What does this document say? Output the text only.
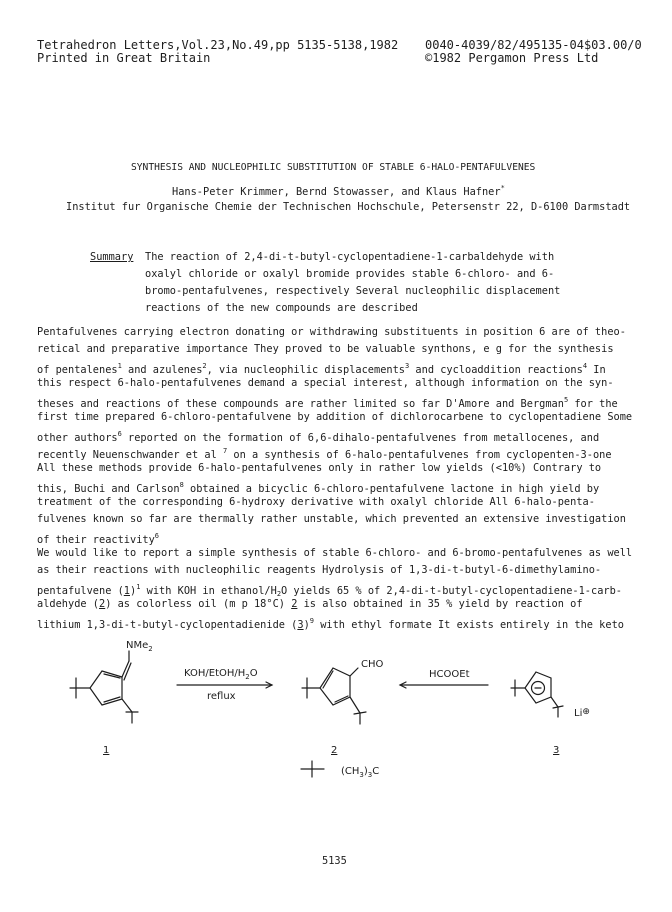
Tetrahedron Letters,Vol.23,No.49,pp 5135-5138,1982 0040-4039/82/495135-04$03.00/0
Printed in Great Britain	©1982 Pergamon Press Ltd
SYNTHESIS AND NUCLEOPHILIC SUBSTITUTION OF STABLE 6-HALO-PENTAFULVENES
Hans-Peter Krimmer, Bernd Stowasser, and Klaus Hafner*
Institut fur Organische Chemie der Technischen Hochschule, Petersenstr 22, D-6100 Darmstadt
Summary The reaction of 2,4-di-t-butyl-cyclopentadiene-1-carbaldehyde with
oxalyl chloride or oxalyl bromide provides stable 6-chloro- and 6-
bromo-pentafulvenes, respectively Several nucleophilic displacement
reactions of the new compounds are described
Pentafulvenes carrying electron donating or withdrawing substituents in position 6 are of theo-
retical and preparative importance They proved to be valuable synthons, e g for the synthesis
of pentalenes$^1$ and azulenes$^2$, via nucleophilic displacements$^3$ and cycloaddition reactions$^4$ In
this respect 6-halo-pentafulvenes demand a special interest, although information on the syn-
theses and reactions of these compounds are rather limited so far D'Amore and Bergman$^5$ for the
first time prepared 6-chloro-pentafulvene by addition of dichlorocarbene to cyclopentadiene Some
other authors$^6$ reported on the formation of 6,6-dihalo-pentafulvenes from metallocenes, and
recently Neuenschwander et al $^7$ on a synthesis of 6-halo-pentafulvenes from cyclopenten-3-one
All these methods provide 6-halo-pentafulvenes only in rather low yields (<10%) Contrary to
this, Buchi and Carlson$^8$ obtained a bicyclic 6-chloro-pentafulvene lactone in high yield by
treatment of the corresponding 6-hydroxy derivative with oxalyl chloride All 6-halo-penta-
fulvenes known so far are thermally rather unstable, which prevented an extensive investigation
of their reactivity$^6$
We would like to report a simple synthesis of stable 6-chloro- and 6-bromo-pentafulvenes as well
as their reactions with nucleophilic reagents Hydrolysis of 1,3-di-t-butyl-6-dimethylamino-
pentafulvene $(1)^1$ with KOH in ethanol/$H_2O$ yields 65 % of 2,4-di-t-butyl-cyclopentadiene-1-carb-
aldehyde (2) as colorless oil (m p 18°C) 2 is also obtained in 35 % yield by reaction of
lithium 1,3-di-t-butyl-cyclopentadienide $(3)^9$ with ethyl formate It exists entirely in the keto
NMe$_2$
KOH/$EtOH/H_2O$
reflux
CHO
HCOOEt
Li⊕
1	2	3
$(CH_3)_3C$
5135
